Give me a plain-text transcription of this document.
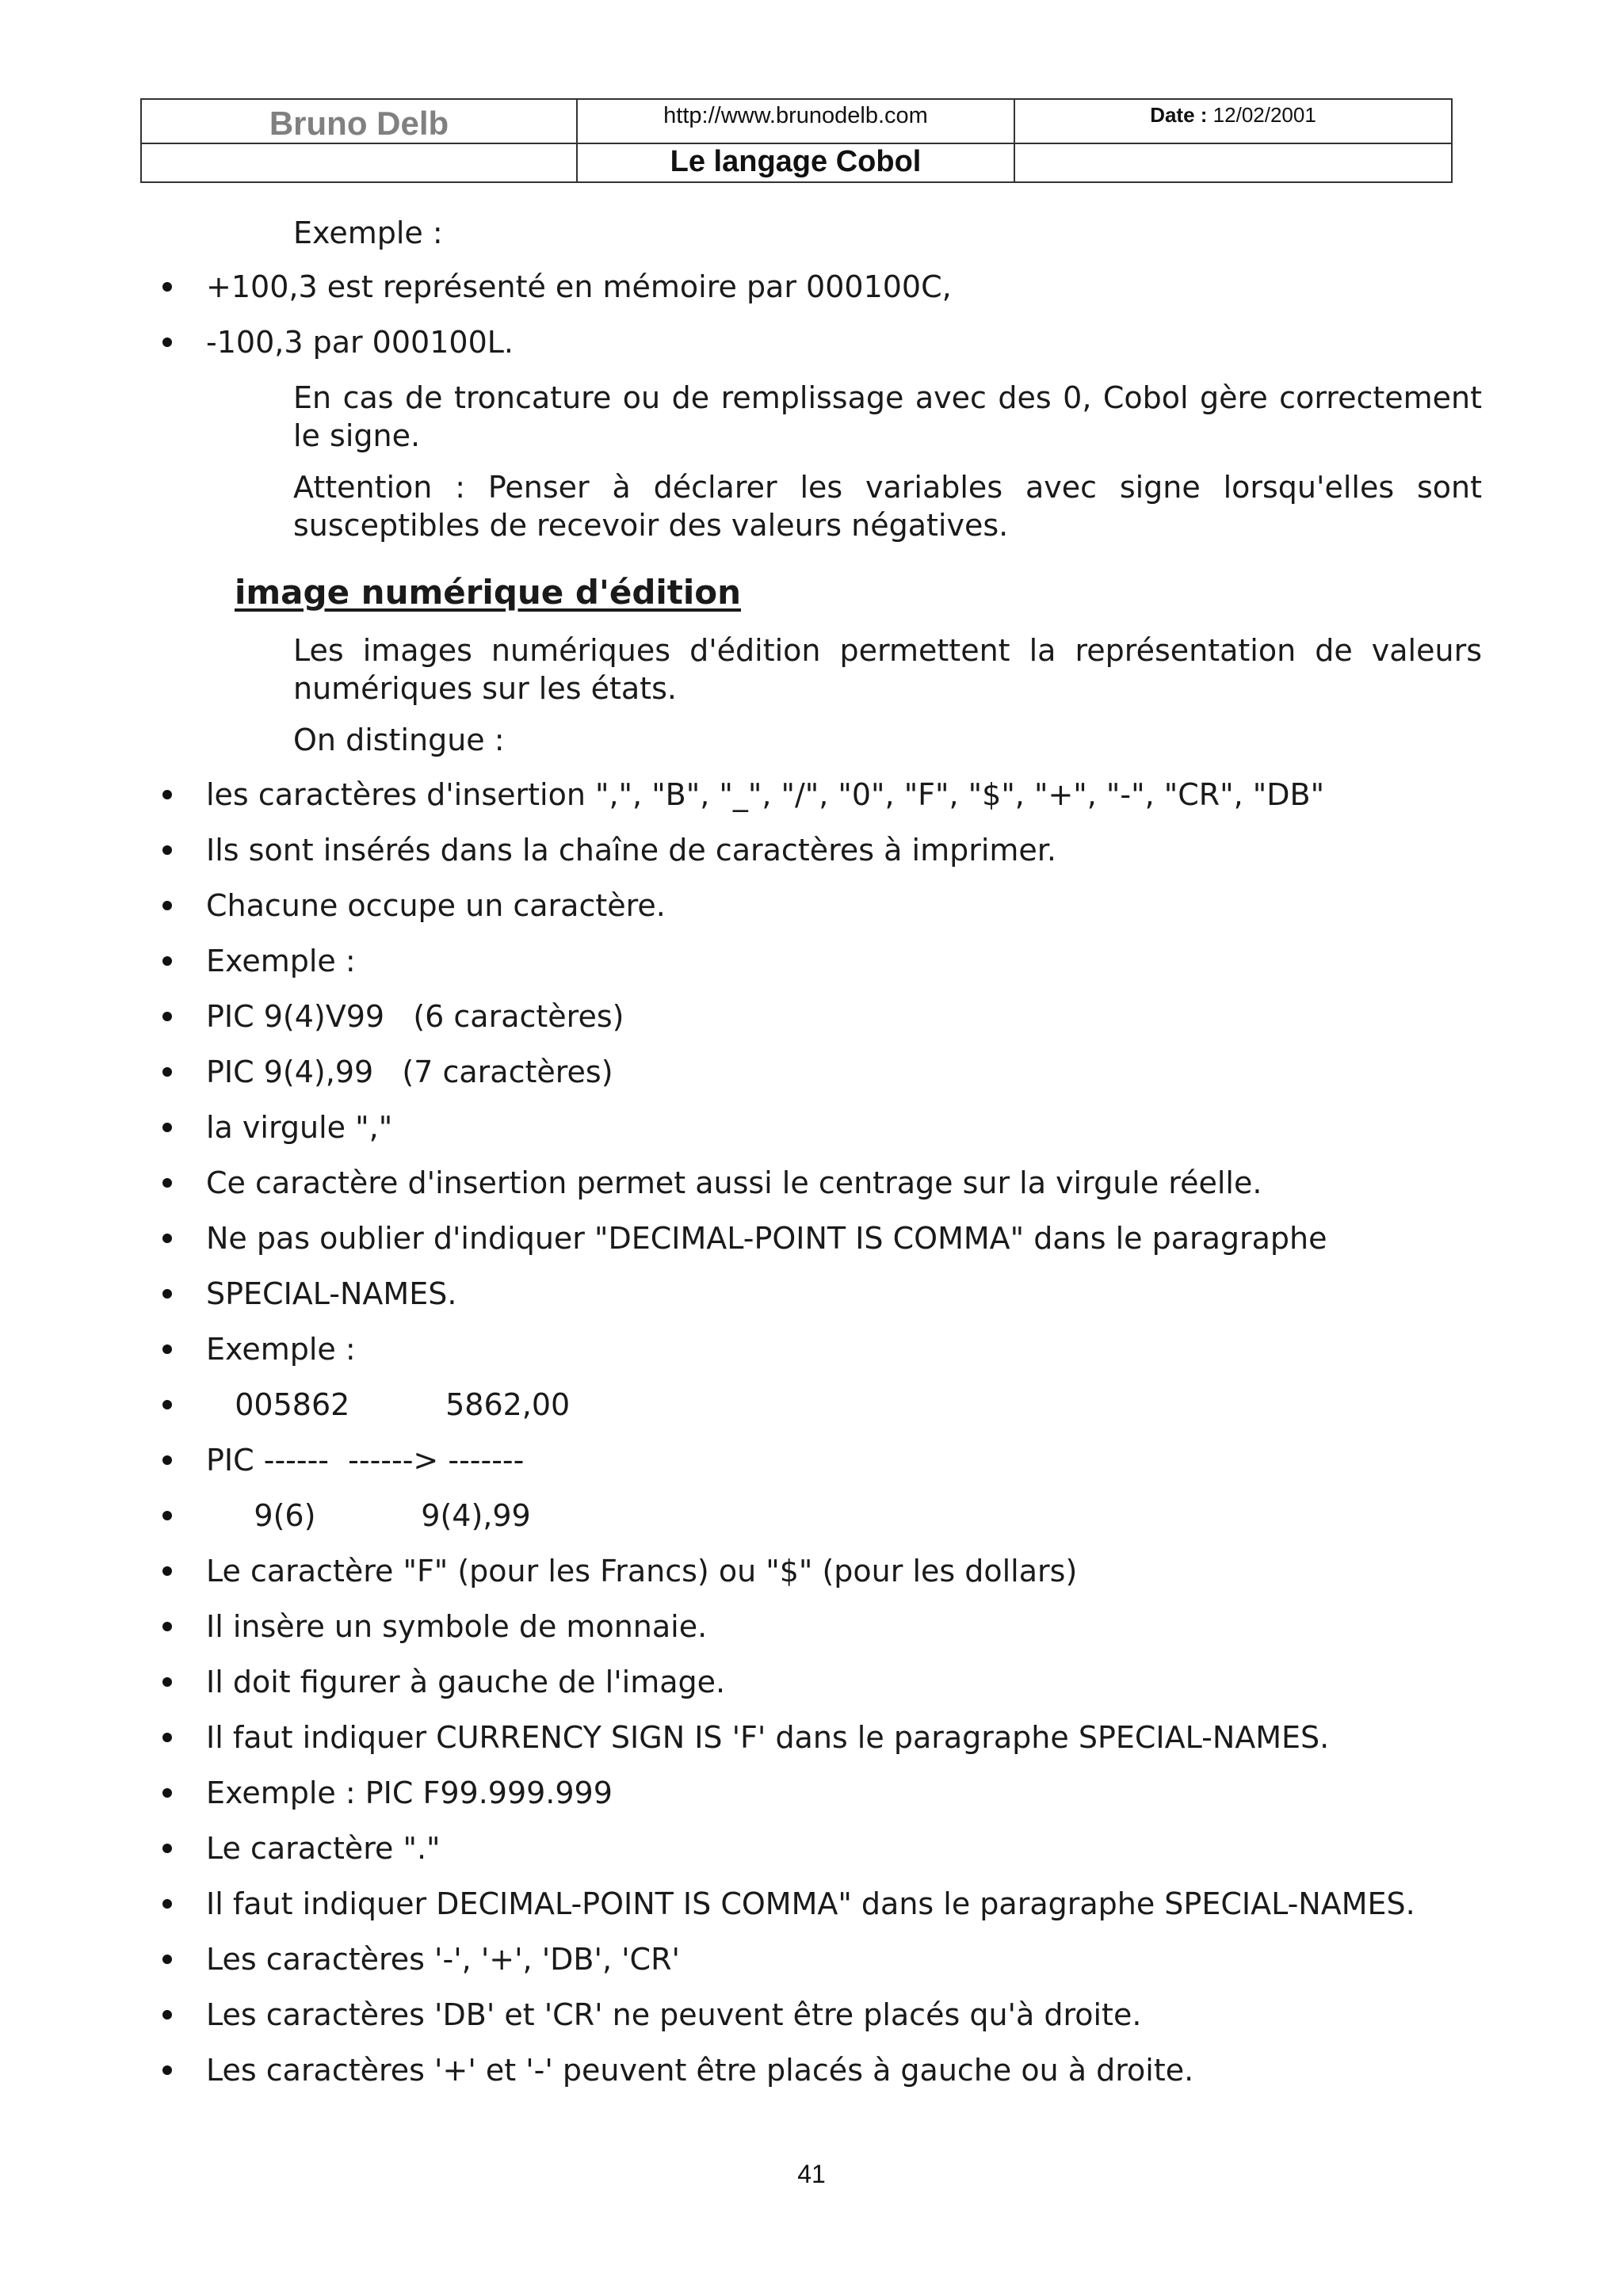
Bruno Delb	http://www.brunodelb.com	Date : 12/02/2001
Le langage Cobol
Exemple :
+100,3 est représenté en mémoire par 000100C,
-100,3 par 000100L.
En cas de troncature ou de remplissage avec des 0, Cobol gère correctement le signe.
Attention : Penser à déclarer les variables avec signe lorsqu'elles sont susceptibles de recevoir des valeurs négatives.
image numérique d'édition
Les images numériques d'édition permettent la représentation de valeurs numériques sur les états.
On distingue :
les caractères d'insertion ",", "B", "_", "/", "0", "F", "$", "+", "-", "CR", "DB"
Ils sont insérés dans la chaîne de caractères à imprimer.
Chacune occupe un caractère.
Exemple :
PIC 9(4)V99   (6 caractères)
PIC 9(4),99   (7 caractères)
la virgule ","
Ce caractère d'insertion permet aussi le centrage sur la virgule réelle.
Ne pas oublier d'indiquer "DECIMAL-POINT IS COMMA" dans le paragraphe
SPECIAL-NAMES.
Exemple :
005862          5862,00
PIC ------  ------> -------
9(6)           9(4),99
Le caractère "F" (pour les Francs) ou "$" (pour les dollars)
Il insère un symbole de monnaie.
Il doit figurer à gauche de l'image.
Il faut indiquer CURRENCY SIGN IS 'F' dans le paragraphe SPECIAL-NAMES.
Exemple : PIC F99.999.999
Le caractère "."
Il faut indiquer DECIMAL-POINT IS COMMA" dans le paragraphe SPECIAL-NAMES.
Les caractères '-', '+', 'DB', 'CR'
Les caractères 'DB' et 'CR' ne peuvent être placés qu'à droite.
Les caractères '+' et '-' peuvent être placés à gauche ou à droite.
41
